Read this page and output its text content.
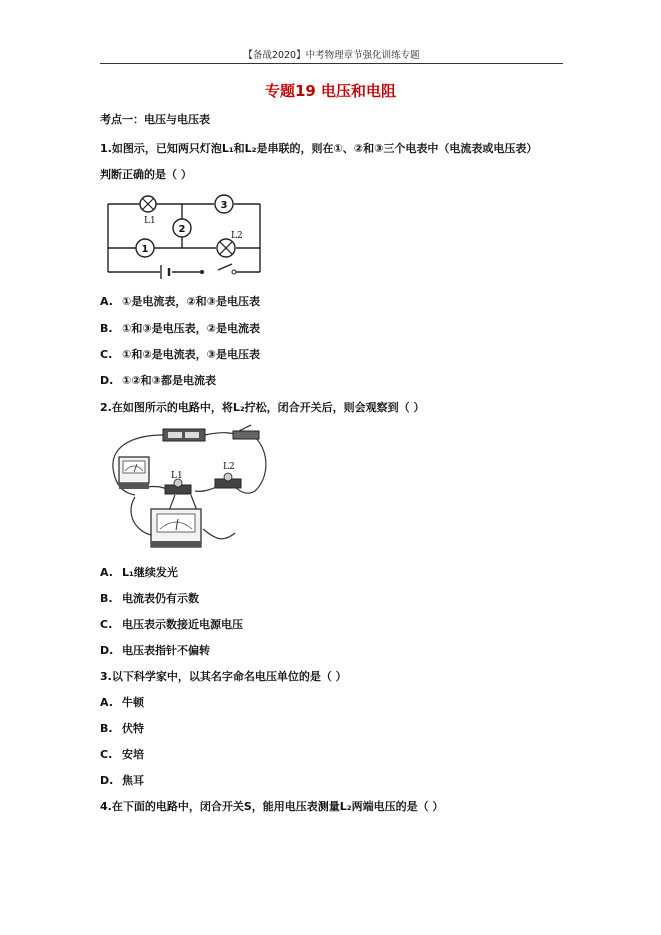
【备战2020】中考物理章节强化训练专题
专题19 电压和电阻
考点一：电压与电压表
1.如图示，已知两只灯泡L₁和L₂是串联的，则在①、②和③三个电表中（电流表或电压表）
判断正确的是（ ）
3
2
1
L1
L2
A. ①是电流表，②和③是电压表
B. ①和③是电压表，②是电流表
C. ①和②是电流表，③是电压表
D. ①②和③都是电流表
2.在如图所示的电路中，将L₂拧松，闭合开关后，则会观察到（ ）
L1
L2
A. L₁继续发光
B. 电流表仍有示数
C. 电压表示数接近电源电压
D. 电压表指针不偏转
3.以下科学家中，以其名字命名电压单位的是（ ）
A. 牛顿
B. 伏特
C. 安培
D. 焦耳
4.在下面的电路中，闭合开关S，能用电压表测量L₂两端电压的是（ ）
